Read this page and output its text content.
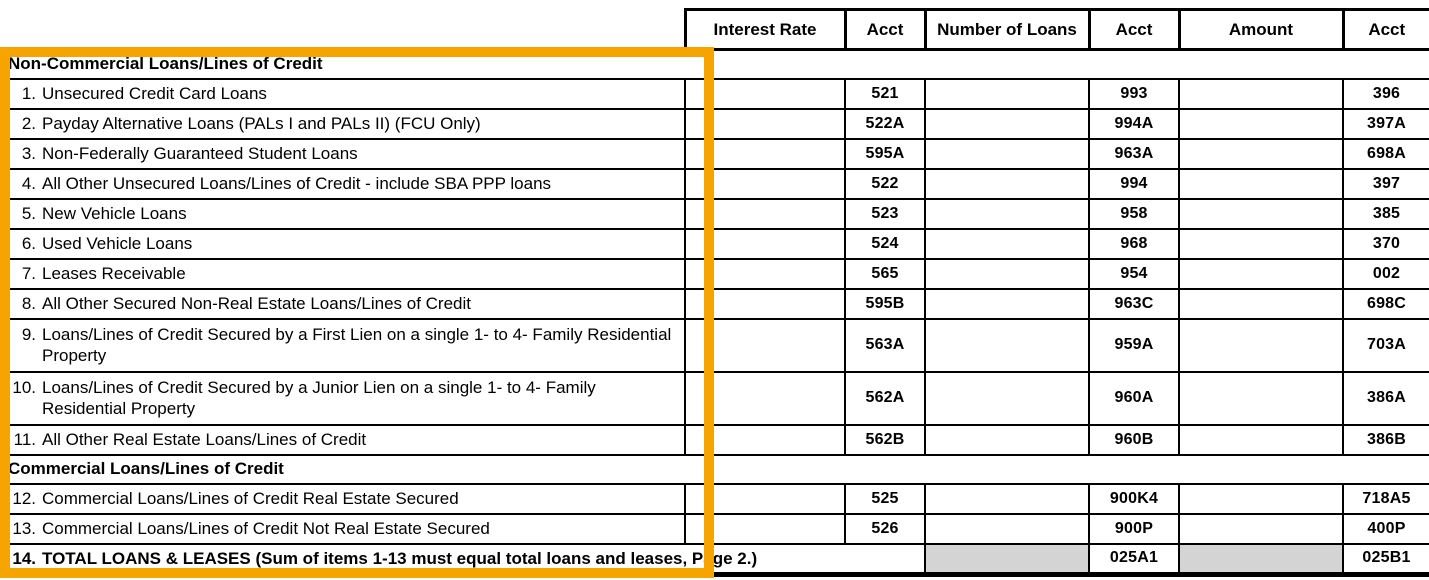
	Interest Rate	Acct	Number of Loans	Acct	Amount	Acct
Non-Commercial Loans/Lines of Credit						

1. Unsecured Credit Card Loans		521		993		396

2. Payday Alternative Loans (PALs I and PALs II) (FCU Only)		522A		994A		397A

3. Non-Federally Guaranteed Student Loans		595A		963A		698A

4. All Other Unsecured Loans/Lines of Credit - include SBA PPP loans		522		994		397

5. New Vehicle Loans		523		958		385

6. Used Vehicle Loans		524		968		370

7. Leases Receivable		565		954		002

8. All Other Secured Non-Real Estate Loans/Lines of Credit		595B		963C		698C

9. Loans/Lines of Credit Secured by a First Lien on a single 1- to 4- Family Residential Property		563A		959A		703A

10. Loans/Lines of Credit Secured by a Junior Lien on a single 1- to 4- Family Residential Property		562A		960A		386A

11. All Other Real Estate Loans/Lines of Credit		562B		960B		386B
Commercial Loans/Lines of Credit						

12. Commercial Loans/Lines of Credit Real Estate Secured		525		900K4		718A5

13. Commercial Loans/Lines of Credit Not Real Estate Secured		526		900P		400P

14. TOTAL LOANS & LEASES (Sum of items 1-13 must equal total loans and leases, Page 2.)				025A1		025B1
